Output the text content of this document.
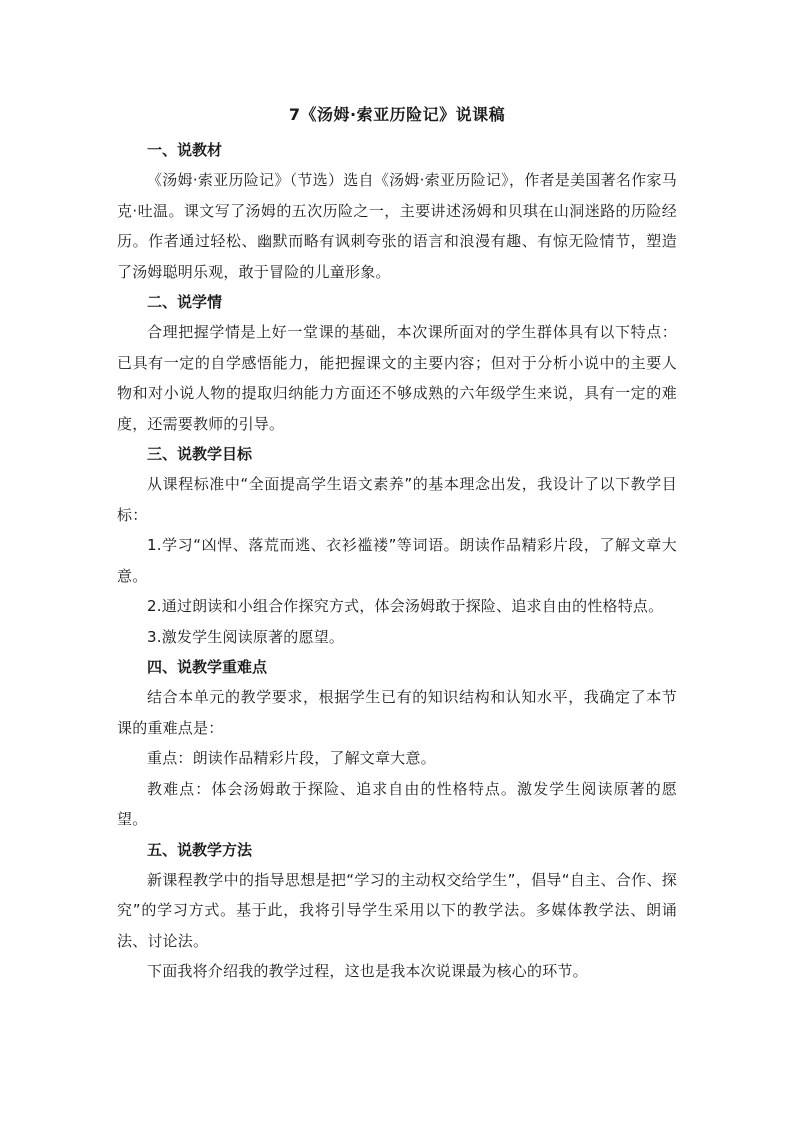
7《汤姆·索亚历险记》说课稿

一、说教材

《汤姆·索亚历险记》（节选）选自《汤姆·索亚历险记》，作者是美国著名作家马克·吐温。课文写了汤姆的五次历险之一，主要讲述汤姆和贝琪在山洞迷路的历险经历。作者通过轻松、幽默而略有讽刺夸张的语言和浪漫有趣、有惊无险情节，塑造了汤姆聪明乐观，敢于冒险的儿童形象。

二、说学情

合理把握学情是上好一堂课的基础，本次课所面对的学生群体具有以下特点：已具有一定的自学感悟能力，能把握课文的主要内容；但对于分析小说中的主要人物和对小说人物的提取归纳能力方面还不够成熟的六年级学生来说，具有一定的难度，还需要教师的引导。

三、说教学目标

从课程标准中“全面提高学生语文素养”的基本理念出发，我设计了以下教学目标：

1.学习“凶悍、落荒而逃、衣衫褴褛”等词语。朗读作品精彩片段，了解文章大意。

2.通过朗读和小组合作探究方式，体会汤姆敢于探险、追求自由的性格特点。

3.激发学生阅读原著的愿望。

四、说教学重难点

结合本单元的教学要求，根据学生已有的知识结构和认知水平，我确定了本节课的重难点是：

重点：朗读作品精彩片段，了解文章大意。

教难点：体会汤姆敢于探险、追求自由的性格特点。激发学生阅读原著的愿望。

五、说教学方法

新课程教学中的指导思想是把“学习的主动权交给学生”，倡导“自主、合作、探究”的学习方式。基于此，我将引导学生采用以下的教学法。多媒体教学法、朗诵法、讨论法。

下面我将介绍我的教学过程，这也是我本次说课最为核心的环节。
